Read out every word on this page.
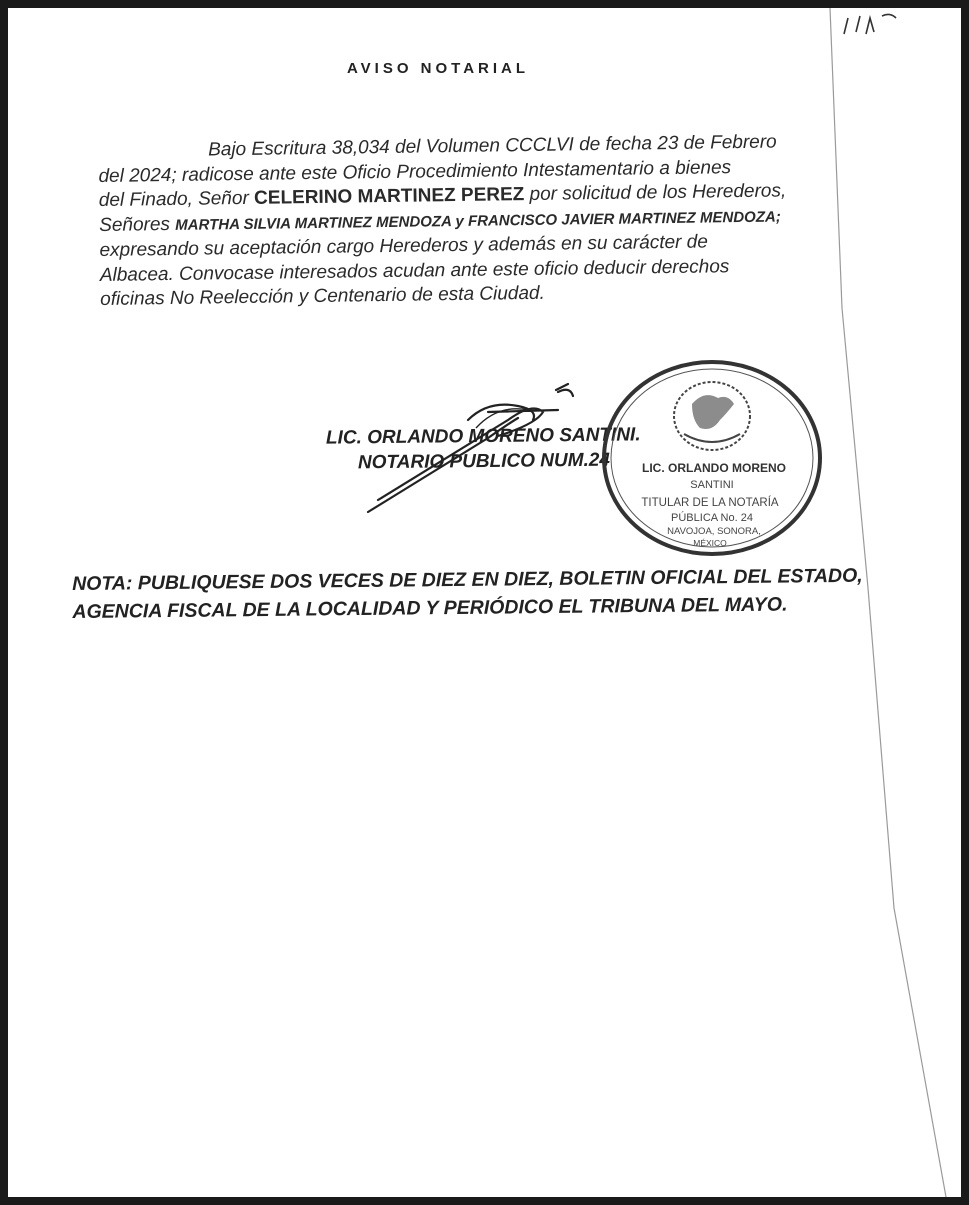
AVISO NOTARIAL
Bajo Escritura 38,034 del Volumen CCCLVI de fecha 23 de Febrero
del 2024; radicose ante este Oficio Procedimiento Intestamentario a bienes
del Finado, Señor CELERINO MARTINEZ PEREZ por solicitud de los Herederos,
Señores MARTHA SILVIA MARTINEZ MENDOZA y FRANCISCO JAVIER MARTINEZ MENDOZA;
expresando su aceptación cargo Herederos y además en su carácter de
Albacea. Convocase interesados acudan ante este oficio deducir derechos
oficinas No Reelección y Centenario de esta Ciudad.
LIC. ORLANDO MORENO SANTINI.
NOTARIO PUBLICO NUM.24	LIC. ORLANDO MORENO
SANTINI
TITULAR DE LA NOTARÍA
PÚBLICA No. 24
NAVOJOA, SONORA,
MÉXICO
NOTA: PUBLIQUESE DOS VECES DE DIEZ EN DIEZ, BOLETIN OFICIAL DEL ESTADO,
AGENCIA FISCAL DE LA LOCALIDAD Y PERIÓDICO EL TRIBUNA DEL MAYO.
